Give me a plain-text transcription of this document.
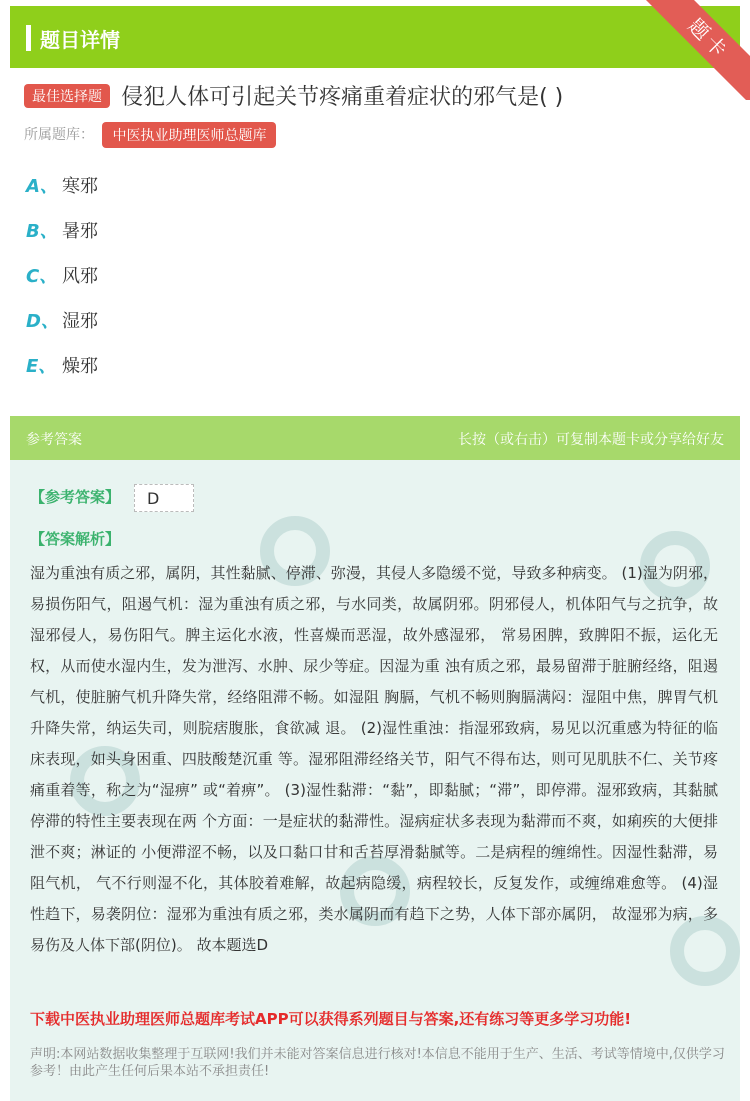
题目详情	题卡
最佳选择题 侵犯人体可引起关节疼痛重着症状的邪气是( )
所属题库： 中医执业助理医师总题库
A、 寒邪
B、 暑邪
C、 风邪
D、 湿邪
E、 燥邪
参考答案	长按（或右击）可复制本题卡或分享给好友
【参考答案】	D
【答案解析】
湿为重浊有质之邪，属阴，其性黏腻、停滞、弥漫，其侵人多隐缓不觉，导致多种病变。 (1)湿为阴邪，易损伤阳气，阻遏气机：湿为重浊有质之邪，与水同类，故属阴邪。阴邪侵人，机体阳气与之抗争，故湿邪侵人，易伤阳气。脾主运化水液，性喜燥而恶湿，故外感湿邪， 常易困脾，致脾阳不振，运化无权，从而使水湿内生，发为泄泻、水肿、尿少等症。因湿为重 浊有质之邪，最易留滞于脏腑经络，阻遏气机，使脏腑气机升降失常，经络阻滞不畅。如湿阻 胸膈，气机不畅则胸膈满闷：湿阻中焦，脾胃气机升降失常，纳运失司，则脘痞腹胀，食欲减 退。 (2)湿性重浊：指湿邪致病，易见以沉重感为特征的临床表现，如头身困重、四肢酸楚沉重 等。湿邪阻滞经络关节，阳气不得布达，则可见肌肤不仁、关节疼痛重着等，称之为“湿痹” 或“着痹”。 (3)湿性黏滞：“黏”，即黏腻；“滞”，即停滞。湿邪致病，其黏腻停滞的特性主要表现在两 个方面：一是症状的黏滞性。湿病症状多表现为黏滞而不爽，如痢疾的大便排泄不爽；淋证的 小便滞涩不畅，以及口黏口甘和舌苔厚滑黏腻等。二是病程的缠绵性。因湿性黏滞，易阻气机， 气不行则湿不化，其体胶着难解，故起病隐缓，病程较长，反复发作，或缠绵难愈等。 (4)湿性趋下，易袭阴位：湿邪为重浊有质之邪，类水属阴而有趋下之势，人体下部亦属阴， 故湿邪为病，多易伤及人体下部(阴位)。 故本题选D
下载中医执业助理医师总题库考试APP可以获得系列题目与答案,还有练习等更多学习功能!
声明:本网站数据收集整理于互联网!我们并未能对答案信息进行核对!本信息不能用于生产、生活、考试等情境中,仅供学习参考！由此产生任何后果本站不承担责任!
